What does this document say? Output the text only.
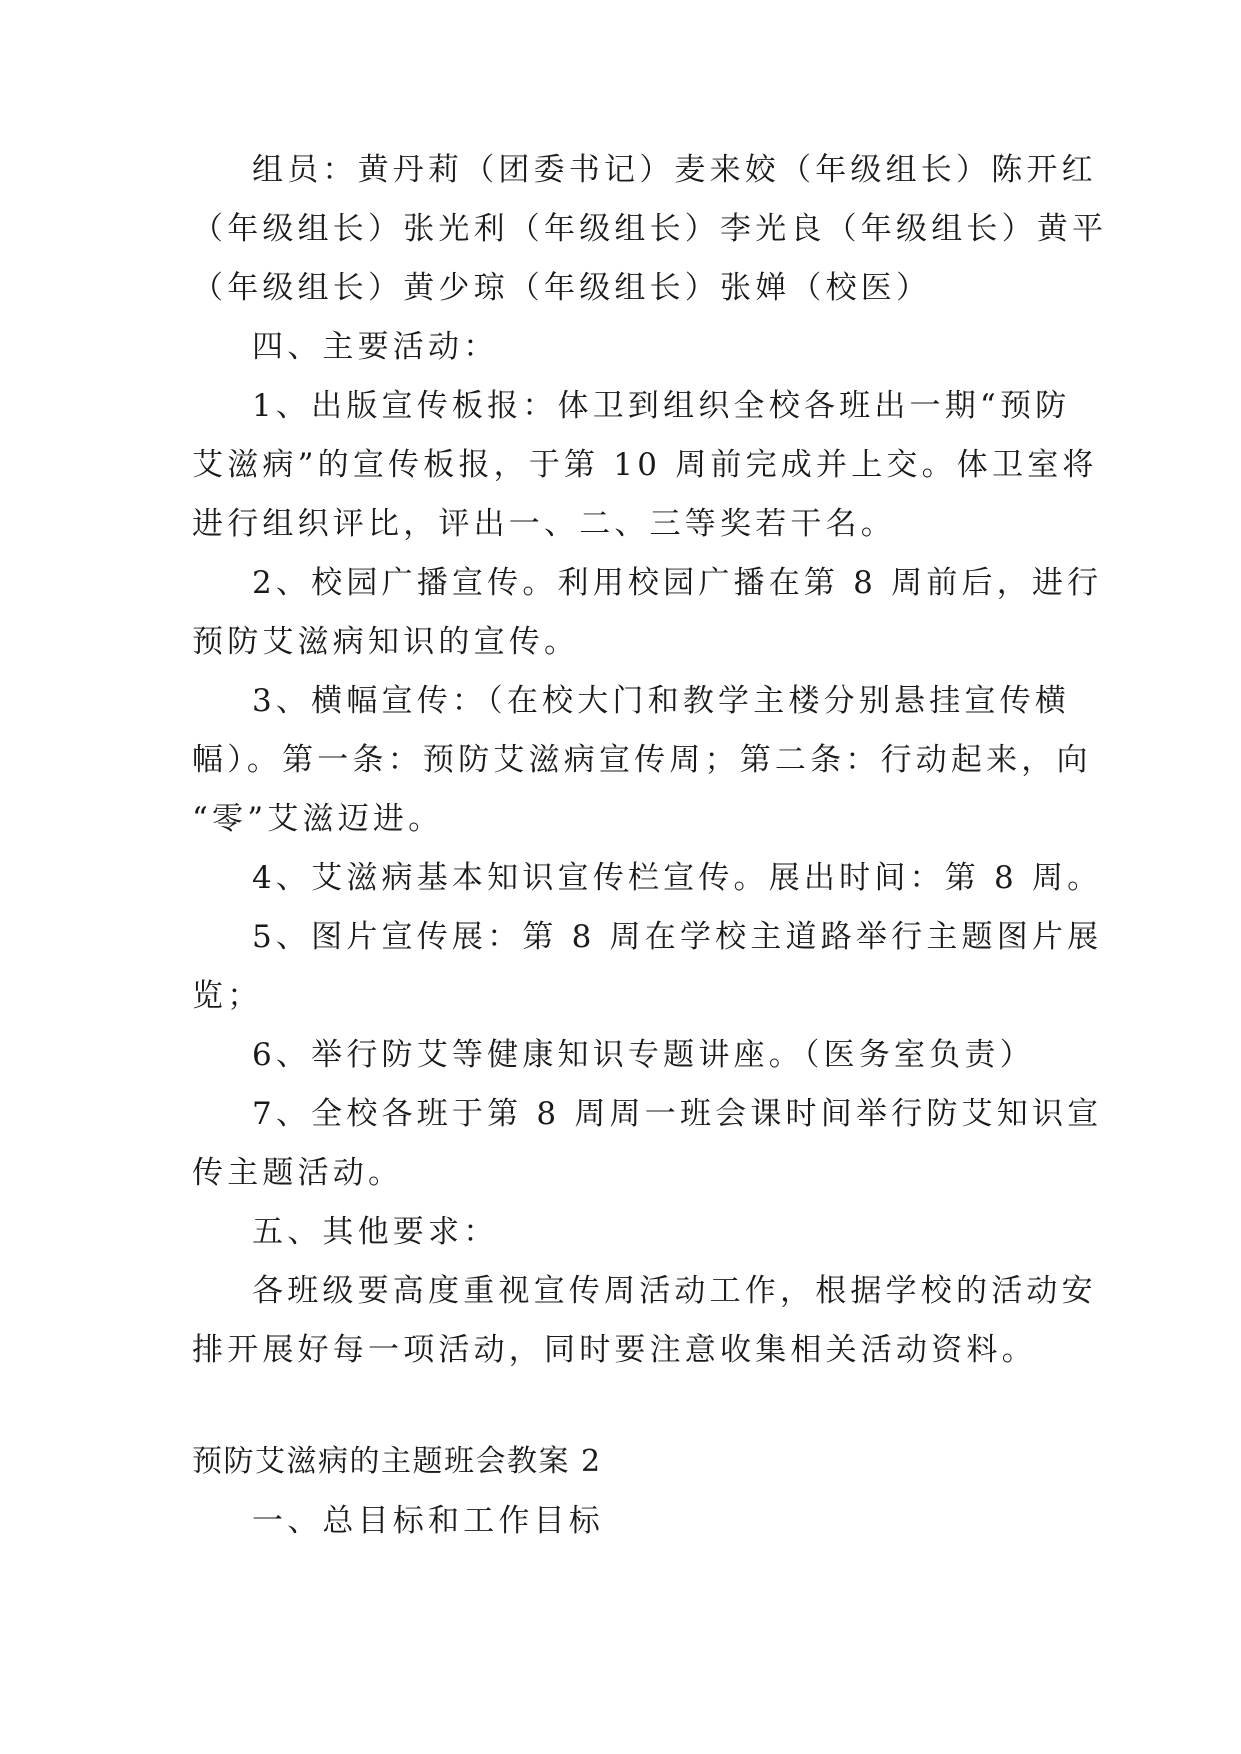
组员：黄丹莉（团委书记）麦来姣（年级组长）陈开红
（年级组长）张光利（年级组长）李光良（年级组长）黄平
（年级组长）黄少琼（年级组长）张婵（校医）
四、主要活动：
1、出版宣传板报：体卫到组织全校各班出一期“预防
艾滋病”的宣传板报，于第 10 周前完成并上交。体卫室将
进行组织评比，评出一、二、三等奖若干名。
2、校园广播宣传。利用校园广播在第 8 周前后，进行
预防艾滋病知识的宣传。
3、横幅宣传：（在校大门和教学主楼分别悬挂宣传横
幅）。第一条：预防艾滋病宣传周；第二条：行动起来，向
“零”艾滋迈进。
4、艾滋病基本知识宣传栏宣传。展出时间：第 8 周。
5、图片宣传展：第 8 周在学校主道路举行主题图片展
览；
6、举行防艾等健康知识专题讲座。（医务室负责）
7、全校各班于第 8 周周一班会课时间举行防艾知识宣
传主题活动。
五、其他要求：
各班级要高度重视宣传周活动工作，根据学校的活动安
排开展好每一项活动，同时要注意收集相关活动资料。
预防艾滋病的主题班会教案 2
一、总目标和工作目标
